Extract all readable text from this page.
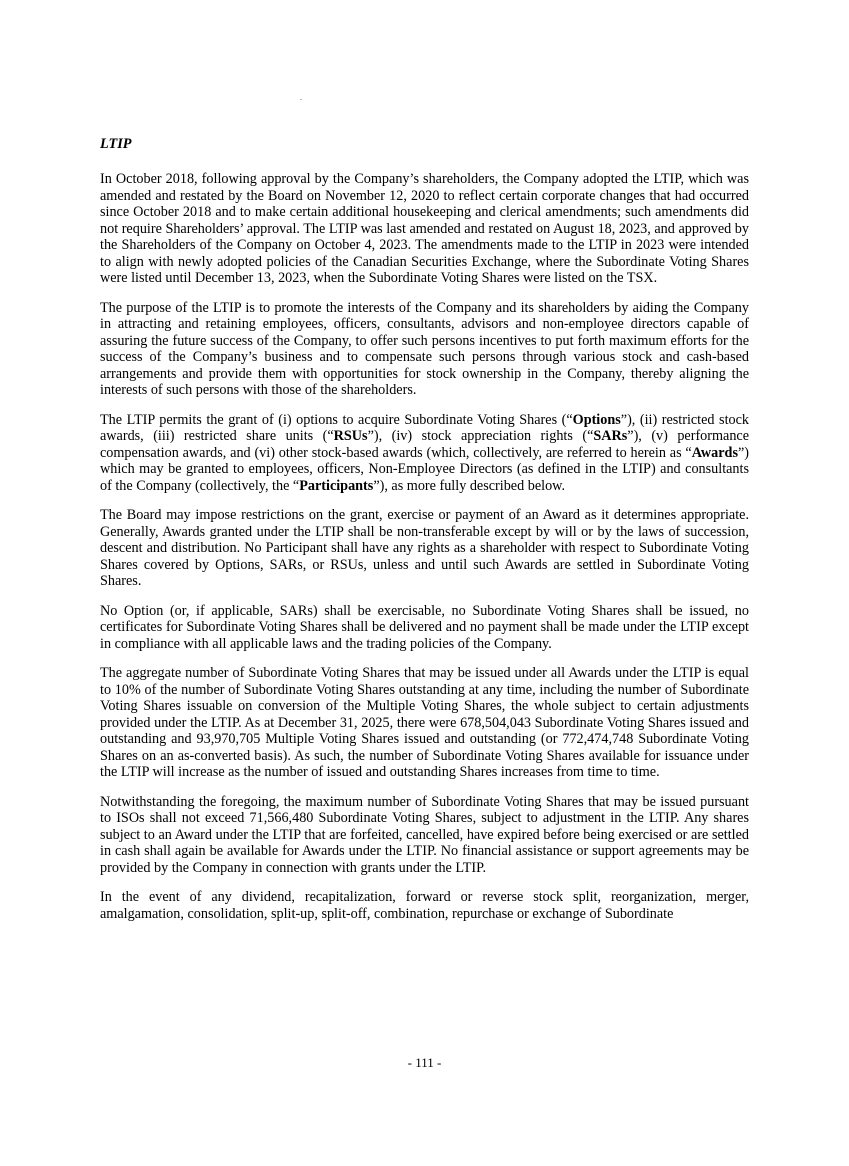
.
LTIP

In October 2018, following approval by the Company’s shareholders, the Company adopted the LTIP, which was amended and restated by the Board on November 12, 2020 to reflect certain corporate changes that had occurred since October 2018 and to make certain additional housekeeping and clerical amendments; such amendments did not require Shareholders’ approval. The LTIP was last amended and restated on August 18, 2023, and approved by the Shareholders of the Company on October 4, 2023. The amendments made to the LTIP in 2023 were intended to align with newly adopted policies of the Canadian Securities Exchange, where the Subordinate Voting Shares were listed until December 13, 2023, when the Subordinate Voting Shares were listed on the TSX.

The purpose of the LTIP is to promote the interests of the Company and its shareholders by aiding the Company in attracting and retaining employees, officers, consultants, advisors and non-employee directors capable of assuring the future success of the Company, to offer such persons incentives to put forth maximum efforts for the success of the Company’s business and to compensate such persons through various stock and cash-based arrangements and provide them with opportunities for stock ownership in the Company, thereby aligning the interests of such persons with those of the shareholders.

The LTIP permits the grant of (i) options to acquire Subordinate Voting Shares (“Options”), (ii) restricted stock awards, (iii) restricted share units (“RSUs”), (iv) stock appreciation rights (“SARs”), (v) performance compensation awards, and (vi) other stock-based awards (which, collectively, are referred to herein as “Awards”) which may be granted to employees, officers, Non-Employee Directors (as defined in the LTIP) and consultants of the Company (collectively, the “Participants”), as more fully described below.

The Board may impose restrictions on the grant, exercise or payment of an Award as it determines appropriate. Generally, Awards granted under the LTIP shall be non-transferable except by will or by the laws of succession, descent and distribution. No Participant shall have any rights as a shareholder with respect to Subordinate Voting Shares covered by Options, SARs, or RSUs, unless and until such Awards are settled in Subordinate Voting Shares.

No Option (or, if applicable, SARs) shall be exercisable, no Subordinate Voting Shares shall be issued, no certificates for Subordinate Voting Shares shall be delivered and no payment shall be made under the LTIP except in compliance with all applicable laws and the trading policies of the Company.

The aggregate number of Subordinate Voting Shares that may be issued under all Awards under the LTIP is equal to 10% of the number of Subordinate Voting Shares outstanding at any time, including the number of Subordinate Voting Shares issuable on conversion of the Multiple Voting Shares, the whole subject to certain adjustments provided under the LTIP. As at December 31, 2025, there were 678,504,043 Subordinate Voting Shares issued and outstanding and 93,970,705 Multiple Voting Shares issued and outstanding (or 772,474,748 Subordinate Voting Shares on an as-converted basis). As such, the number of Subordinate Voting Shares available for issuance under the LTIP will increase as the number of issued and outstanding Shares increases from time to time.

Notwithstanding the foregoing, the maximum number of Subordinate Voting Shares that may be issued pursuant to ISOs shall not exceed 71,566,480 Subordinate Voting Shares, subject to adjustment in the LTIP. Any shares subject to an Award under the LTIP that are forfeited, cancelled, have expired before being exercised or are settled in cash shall again be available for Awards under the LTIP. No financial assistance or support agreements may be provided by the Company in connection with grants under the LTIP.

In the event of any dividend, recapitalization, forward or reverse stock split, reorganization, merger, amalgamation, consolidation, split-up, split-off, combination, repurchase or exchange of Subordinate

- 111 -
